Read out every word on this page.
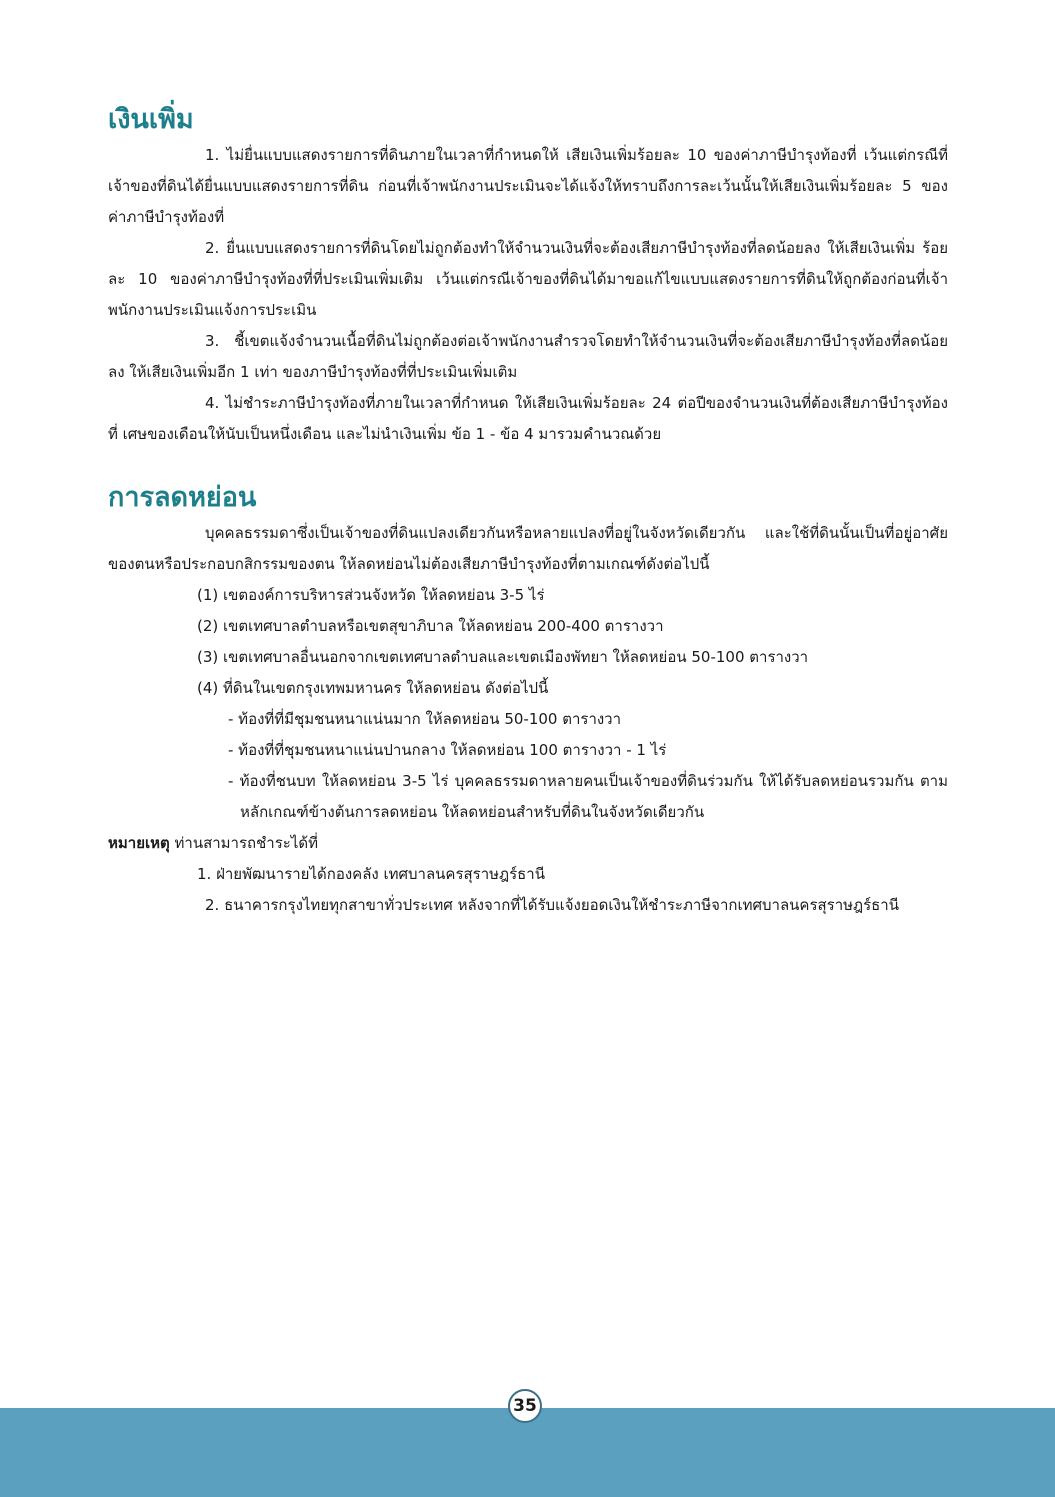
เงินเพิ่ม

1. ไม่ยื่นแบบแสดงรายการที่ดินภายในเวลาที่กำหนดให้ เสียเงินเพิ่มร้อยละ 10 ของค่าภาษีบำรุงท้องที่ เว้นแต่กรณีที่เจ้าของที่ดินได้ยื่นแบบแสดงรายการที่ดิน ก่อนที่เจ้าพนักงานประเมินจะได้แจ้งให้ทราบถึงการละเว้นนั้นให้เสียเงินเพิ่มร้อยละ 5 ของค่าภาษีบำรุงท้องที่

2. ยื่นแบบแสดงรายการที่ดินโดยไม่ถูกต้องทำให้จำนวนเงินที่จะต้องเสียภาษีบำรุงท้องที่ลดน้อยลง ให้เสียเงินเพิ่ม ร้อยละ 10 ของค่าภาษีบำรุงท้องที่ที่ประเมินเพิ่มเติม เว้นแต่กรณีเจ้าของที่ดินได้มาขอแก้ไขแบบแสดงรายการที่ดินให้ถูกต้องก่อนที่เจ้าพนักงานประเมินแจ้งการประเมิน

3. ชี้เขตแจ้งจำนวนเนื้อที่ดินไม่ถูกต้องต่อเจ้าพนักงานสำรวจโดยทำให้จำนวนเงินที่จะต้องเสียภาษีบำรุงท้องที่ลดน้อยลง ให้เสียเงินเพิ่มอีก 1 เท่า ของภาษีบำรุงท้องที่ที่ประเมินเพิ่มเติม

4. ไม่ชำระภาษีบำรุงท้องที่ภายในเวลาที่กำหนด ให้เสียเงินเพิ่มร้อยละ 24 ต่อปีของจำนวนเงินที่ต้องเสียภาษีบำรุงท้องที่ เศษของเดือนให้นับเป็นหนึ่งเดือน และไม่นำเงินเพิ่ม ข้อ 1 - ข้อ 4 มารวมคำนวณด้วย

การลดหย่อน

บุคคลธรรมดาซึ่งเป็นเจ้าของที่ดินแปลงเดียวกันหรือหลายแปลงที่อยู่ในจังหวัดเดียวกัน และใช้ที่ดินนั้นเป็นที่อยู่อาศัยของตนหรือประกอบกสิกรรมของตน ให้ลดหย่อนไม่ต้องเสียภาษีบำรุงท้องที่ตามเกณฑ์ดังต่อไปนี้

(1) เขตองค์การบริหารส่วนจังหวัด ให้ลดหย่อน 3-5 ไร่
(2) เขตเทศบาลตำบลหรือเขตสุขาภิบาล ให้ลดหย่อน 200-400 ตารางวา
(3) เขตเทศบาลอื่นนอกจากเขตเทศบาลตำบลและเขตเมืองพัทยา ให้ลดหย่อน 50-100 ตารางวา
(4) ที่ดินในเขตกรุงเทพมหานคร ให้ลดหย่อน ดังต่อไปนี้
- ท้องที่ที่มีชุมชนหนาแน่นมาก ให้ลดหย่อน 50-100 ตารางวา
- ท้องที่ที่ชุมชนหนาแน่นปานกลาง ให้ลดหย่อน 100 ตารางวา - 1 ไร่
- ท้องที่ชนบท ให้ลดหย่อน 3-5 ไร่ บุคคลธรรมดาหลายคนเป็นเจ้าของที่ดินร่วมกัน ให้ได้รับลดหย่อนรวมกัน ตามหลักเกณฑ์ข้างต้นการลดหย่อน ให้ลดหย่อนสำหรับที่ดินในจังหวัดเดียวกัน

หมายเหตุ ท่านสามารถชำระได้ที่

1. ฝ่ายพัฒนารายได้กองคลัง เทศบาลนครสุราษฎร์ธานี

2. ธนาคารกรุงไทยทุกสาขาทั่วประเทศ หลังจากที่ได้รับแจ้งยอดเงินให้ชำระภาษีจากเทศบาลนครสุราษฎร์ธานี

35
